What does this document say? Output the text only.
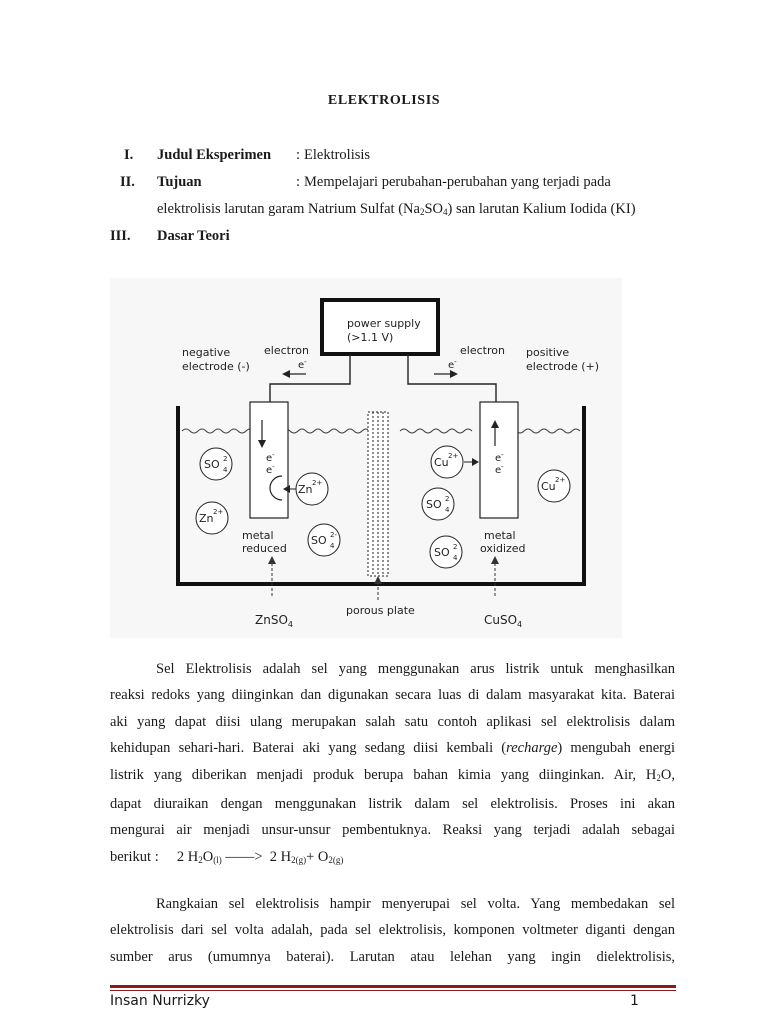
ELEKTROLISIS
I.	Judul Eksperimen : Elektrolisis
II.	Tujuan	: Mempelajari perubahan-perubahan yang terjadi pada
elektrolisis larutan garam Natrium Sulfat $(Na_2SO_4)$ san larutan Kalium Iodida (KI)
III.	Dasar Teori
power supply
(>1.1 V)
e-	e-
negative
electrode (-)
electron	electron positive
electrode (+)
e-
e-
e-
e-
metal
reduced
metal
oxidized
SO 2
4
Zn 2+
Zn 2+
SO 2-
4
Cu 2+
SO 2
4
SO 2
4
Cu 2+
ZnSO$_4$
porous plate
CuSO$_4$

Sel Elektrolisis adalah sel yang menggunakan arus listrik untuk menghasilkan

reaksi redoks yang diinginkan dan digunakan secara luas di dalam masyarakat kita. Baterai

aki yang dapat diisi ulang merupakan salah satu contoh aplikasi sel elektrolisis dalam

kehidupan sehari-hari. Baterai aki yang sedang diisi kembali (recharge) mengubah energi

listrik yang diberikan menjadi produk berupa bahan kimia yang diinginkan. Air, $H_2O$,

dapat diuraikan dengan menggunakan listrik dalam sel elektrolisis. Proses ini akan

mengurai air menjadi unsur-unsur pembentuknya. Reaksi yang terjadi adalah sebagai

berikut : 2 $H_2O_{(l)}$ ——> 2 $H_{2(g)}+ O_{2(g)}$

Rangkaian sel elektrolisis hampir menyerupai sel volta. Yang membedakan sel

elektrolisis dari sel volta adalah, pada sel elektrolisis, komponen voltmeter diganti dengan

sumber arus (umumnya baterai). Larutan atau lelehan yang ingin dielektrolisis,

Insan Nurrizky	1
